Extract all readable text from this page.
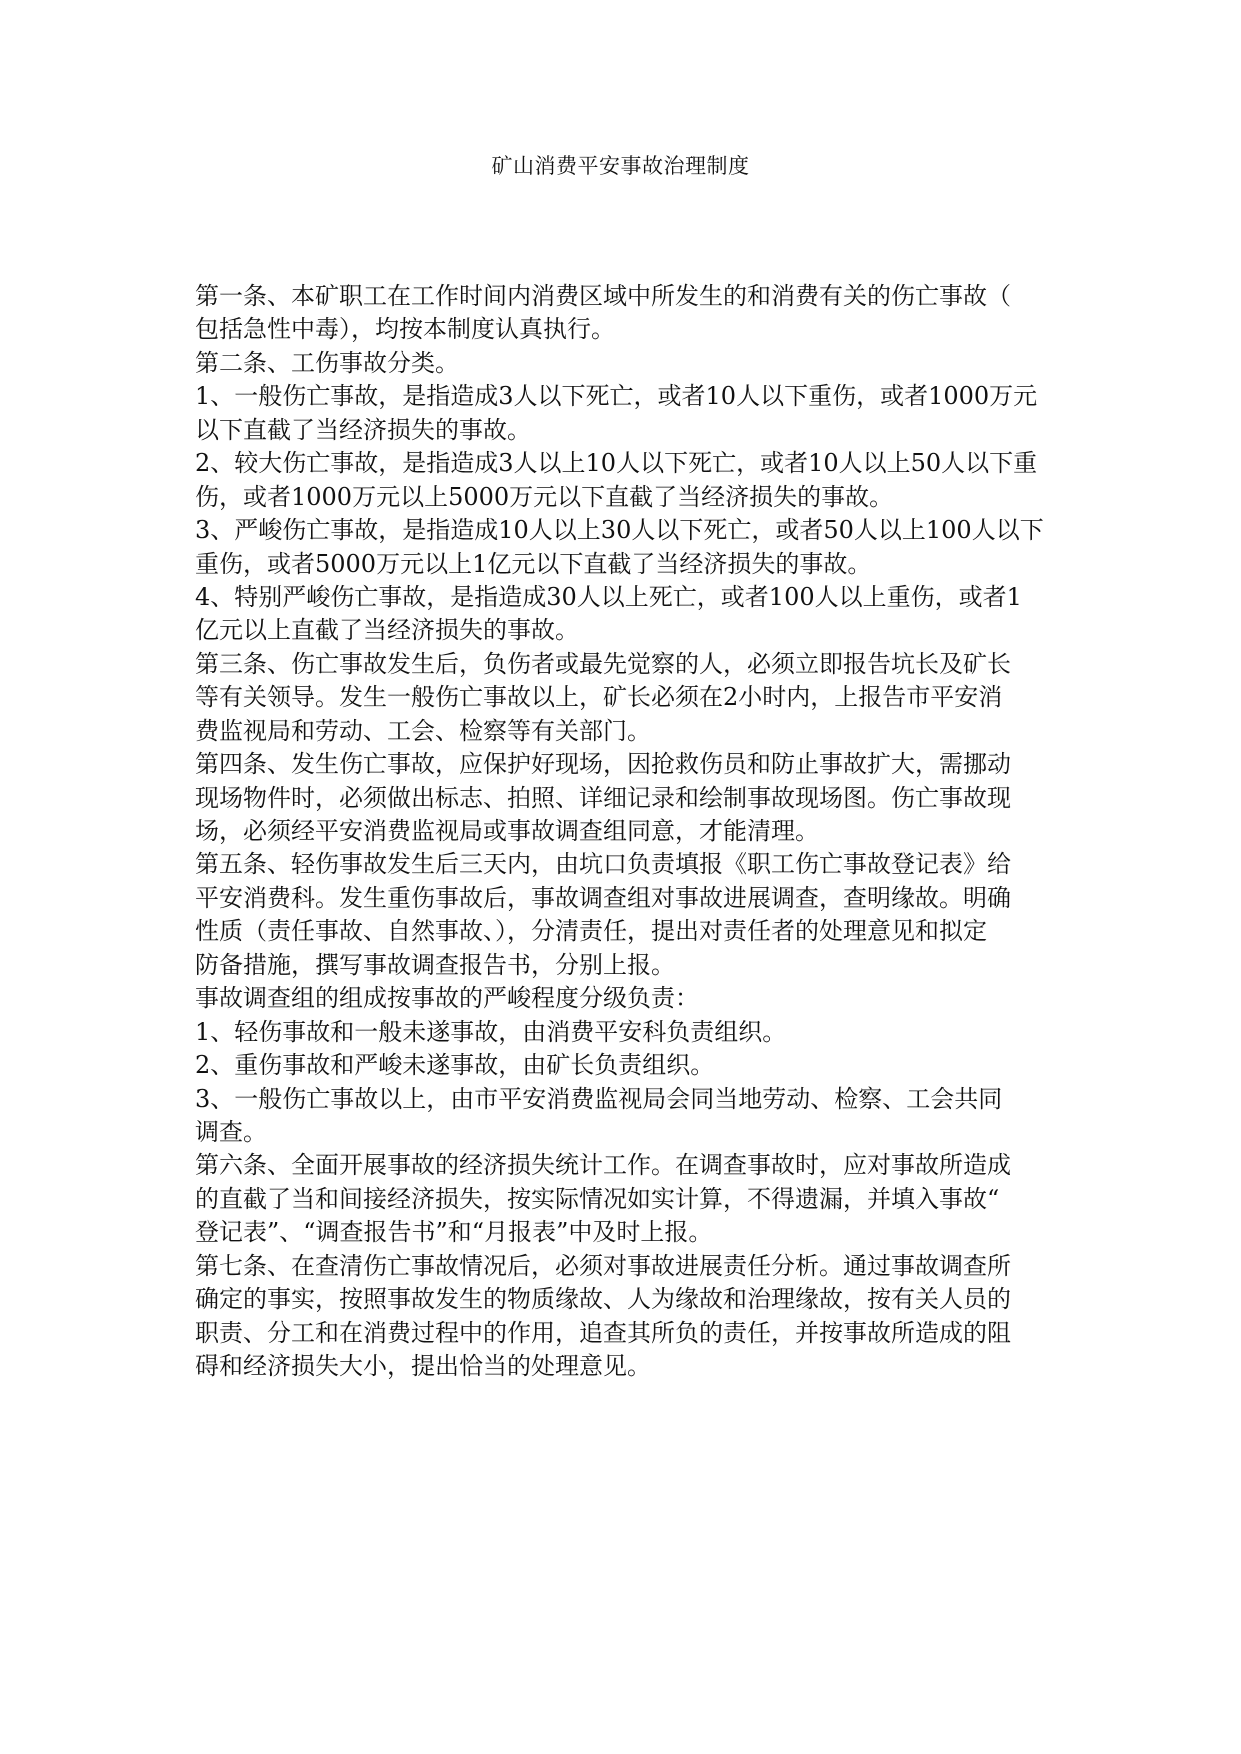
矿山消费平安事故治理制度
第一条、本矿职工在工作时间内消费区域中所发生的和消费有关的伤亡事故（
包括急性中毒），均按本制度认真执行。
第二条、工伤事故分类。
1、一般伤亡事故，是指造成3人以下死亡，或者10人以下重伤，或者1000万元
以下直截了当经济损失的事故。
2、较大伤亡事故，是指造成3人以上10人以下死亡，或者10人以上50人以下重
伤，或者1000万元以上5000万元以下直截了当经济损失的事故。
3、严峻伤亡事故，是指造成10人以上30人以下死亡，或者50人以上100人以下
重伤，或者5000万元以上1亿元以下直截了当经济损失的事故。
4、特别严峻伤亡事故，是指造成30人以上死亡，或者100人以上重伤，或者1
亿元以上直截了当经济损失的事故。
第三条、伤亡事故发生后，负伤者或最先觉察的人，必须立即报告坑长及矿长
等有关领导。发生一般伤亡事故以上，矿长必须在2小时内，上报告市平安消
费监视局和劳动、工会、检察等有关部门。
第四条、发生伤亡事故，应保护好现场，因抢救伤员和防止事故扩大，需挪动
现场物件时，必须做出标志、拍照、详细记录和绘制事故现场图。伤亡事故现
场，必须经平安消费监视局或事故调查组同意，才能清理。
第五条、轻伤事故发生后三天内，由坑口负责填报《职工伤亡事故登记表》给
平安消费科。发生重伤事故后，事故调查组对事故进展调查，查明缘故。明确
性质（责任事故、自然事故、），分清责任，提出对责任者的处理意见和拟定
防备措施，撰写事故调查报告书，分别上报。
事故调查组的组成按事故的严峻程度分级负责：
1、轻伤事故和一般未遂事故，由消费平安科负责组织。
2、重伤事故和严峻未遂事故，由矿长负责组织。
3、一般伤亡事故以上，由市平安消费监视局会同当地劳动、检察、工会共同
调查。
第六条、全面开展事故的经济损失统计工作。在调查事故时，应对事故所造成
的直截了当和间接经济损失，按实际情况如实计算，不得遗漏，并填入事故“
登记表”、“调查报告书”和“月报表”中及时上报。
第七条、在查清伤亡事故情况后，必须对事故进展责任分析。通过事故调查所
确定的事实，按照事故发生的物质缘故、人为缘故和治理缘故，按有关人员的
职责、分工和在消费过程中的作用，追查其所负的责任，并按事故所造成的阻
碍和经济损失大小，提出恰当的处理意见。
